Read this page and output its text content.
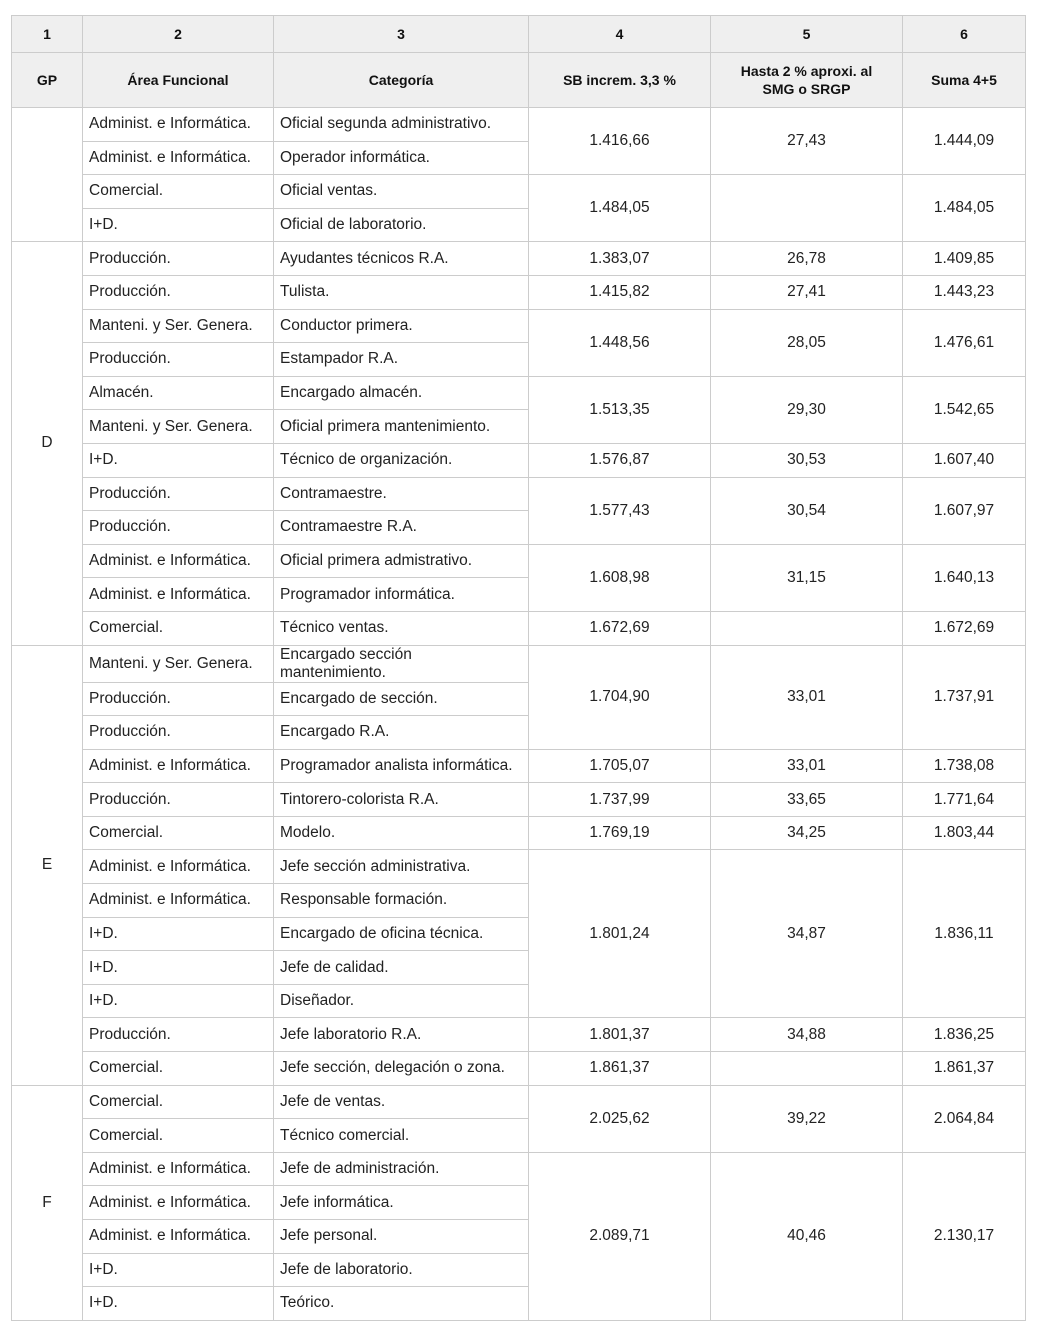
1	2	3	4	5	6
GP	Área Funcional	Categoría	SB increm. 3,3 %	Hasta 2 % aproxi. al SMG o SRGP	Suma 4+5
	Administ. e Informática.	Oficial segunda administrativo.	1.416,66	27,43	1.444,09
	Administ. e Informática.	Operador informática.			
	Comercial.	Oficial ventas.	1.484,05		1.484,05
	I+D.	Oficial de laboratorio.			
D	Producción.	Ayudantes técnicos R.A.	1.383,07	26,78	1.409,85
	Producción.	Tulista.	1.415,82	27,41	1.443,23
	Manteni. y Ser. Genera.	Conductor primera.	1.448,56	28,05	1.476,61
	Producción.	Estampador R.A.			
	Almacén.	Encargado almacén.	1.513,35	29,30	1.542,65
	Manteni. y Ser. Genera.	Oficial primera mantenimiento.			
	I+D.	Técnico de organización.	1.576,87	30,53	1.607,40
	Producción.	Contramaestre.	1.577,43	30,54	1.607,97
	Producción.	Contramaestre R.A.			
	Administ. e Informática.	Oficial primera admistrativo.	1.608,98	31,15	1.640,13
	Administ. e Informática.	Programador informática.			
	Comercial.	Técnico ventas.	1.672,69		1.672,69
E	Manteni. y Ser. Genera.	Encargado sección mantenimiento.	1.704,90	33,01	1.737,91
	Producción.	Encargado de sección.			
	Producción.	Encargado R.A.			
	Administ. e Informática.	Programador analista informática.	1.705,07	33,01	1.738,08
	Producción.	Tintorero-colorista R.A.	1.737,99	33,65	1.771,64
	Comercial.	Modelo.	1.769,19	34,25	1.803,44
	Administ. e Informática.	Jefe sección administrativa.	1.801,24	34,87	1.836,11
	Administ. e Informática.	Responsable formación.			
	I+D.	Encargado de oficina técnica.			
	I+D.	Jefe de calidad.			
	I+D.	Diseñador.			
	Producción.	Jefe laboratorio R.A.	1.801,37	34,88	1.836,25
	Comercial.	Jefe sección, delegación o zona.	1.861,37		1.861,37
F	Comercial.	Jefe de ventas.	2.025,62	39,22	2.064,84
	Comercial.	Técnico comercial.			
	Administ. e Informática.	Jefe de administración.	2.089,71	40,46	2.130,17
	Administ. e Informática.	Jefe informática.			
	Administ. e Informática.	Jefe personal.			
	I+D.	Jefe de laboratorio.			
	I+D.	Teórico.			
